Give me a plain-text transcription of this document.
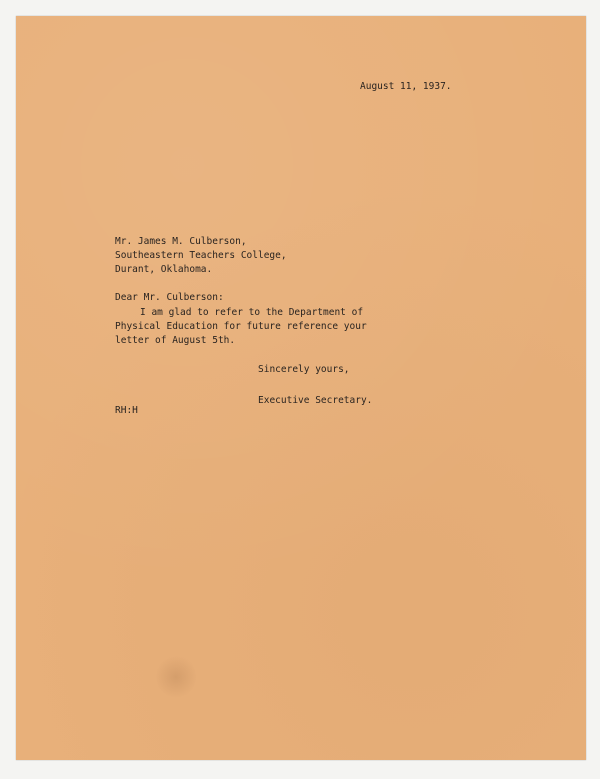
August 11, 1937.
Mr. James M. Culberson,
Southeastern Teachers College,
Durant, Oklahoma.
Dear Mr. Culberson:
I am glad to refer to the Department of
Physical Education for future reference your
letter of August 5th.
Sincerely yours,
Executive Secretary.
RH:H
